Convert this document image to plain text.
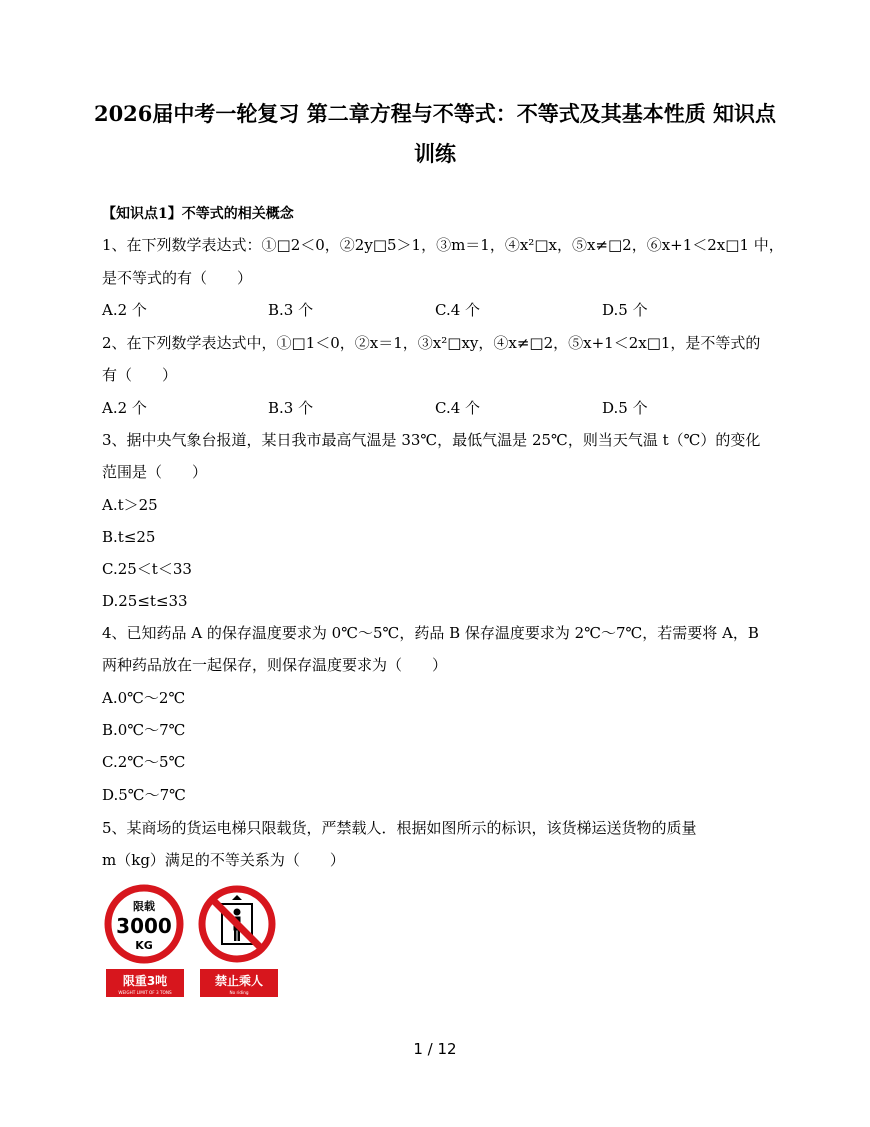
2026届中考一轮复习 第二章方程与不等式：不等式及其基本性质 知识点
训练
【知识点1】不等式的相关概念
1、在下列数学表达式：①□2＜0，②2y□5＞1，③m＝1，④x²□x，⑤x≠□2，⑥x+1＜2x□1 中，
是不等式的有（　　）
A.2 个	B.3 个	C.4 个	D.5 个
2、在下列数学表达式中，①□1＜0，②x＝1，③x²□xy，④x≠□2，⑤x+1＜2x□1，是不等式的
有（　　）
A.2 个	B.3 个	C.4 个	D.5 个
3、据中央气象台报道，某日我市最高气温是 33℃，最低气温是 25℃，则当天气温 t（℃）的变化
范围是（　　）
A.t＞25
B.t≤25
C.25＜t＜33
D.25≤t≤33
4、已知药品 A 的保存温度要求为 0℃～5℃，药品 B 保存温度要求为 2℃～7℃，若需要将 A，B
两种药品放在一起保存，则保存温度要求为（　　）
A.0℃～2℃
B.0℃～7℃
C.2℃～5℃
D.5℃～7℃
5、某商场的货运电梯只限载货，严禁载人．根据如图所示的标识，该货梯运送货物的质量
m（kg）满足的不等关系为（　　）
限载
3000
KG
限重3吨
WEIGHT LIMIT OF 3 TONS
禁止乘人
No riding
1 / 12
